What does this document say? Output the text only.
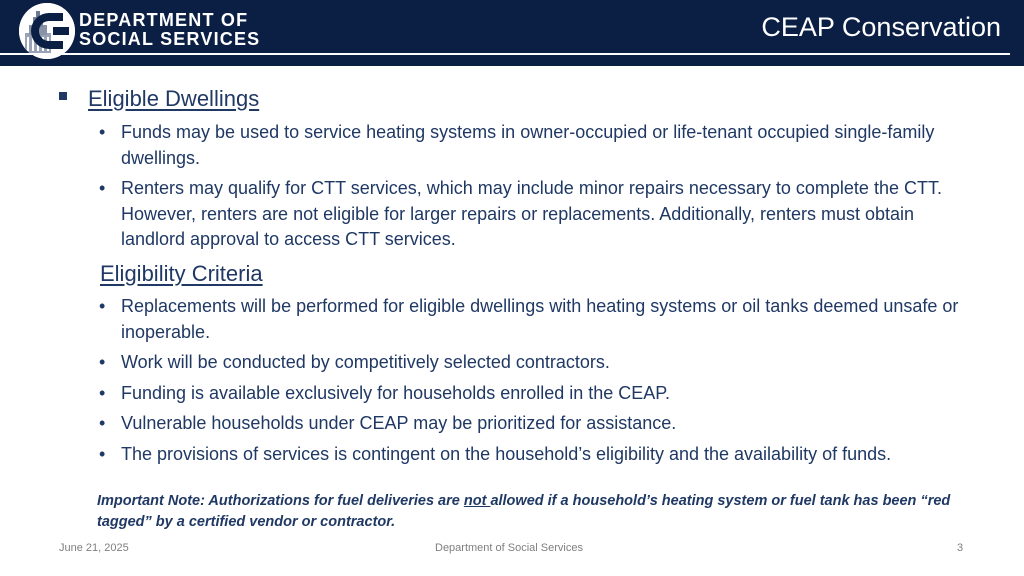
DEPARTMENT OF
SOCIAL SERVICES	CEAP Conservation
Eligible Dwellings
• Funds may be used to service heating systems in owner-occupied or life-tenant occupied single-family dwellings.
• Renters may qualify for CTT services, which may include minor repairs necessary to complete the CTT. However, renters are not eligible for larger repairs or replacements. Additionally, renters must obtain landlord approval to access CTT services.
Eligibility Criteria
• Replacements will be performed for eligible dwellings with heating systems or oil tanks deemed unsafe or inoperable.
• Work will be conducted by competitively selected contractors.
• Funding is available exclusively for households enrolled in the CEAP.
• Vulnerable households under CEAP may be prioritized for assistance.
• The provisions of services is contingent on the household’s eligibility and the availability of funds.
Important Note: Authorizations for fuel deliveries are not allowed if a household’s heating system or fuel tank has been “red tagged” by a certified vendor or contractor.
June 21, 2025	Department of Social Services	3
